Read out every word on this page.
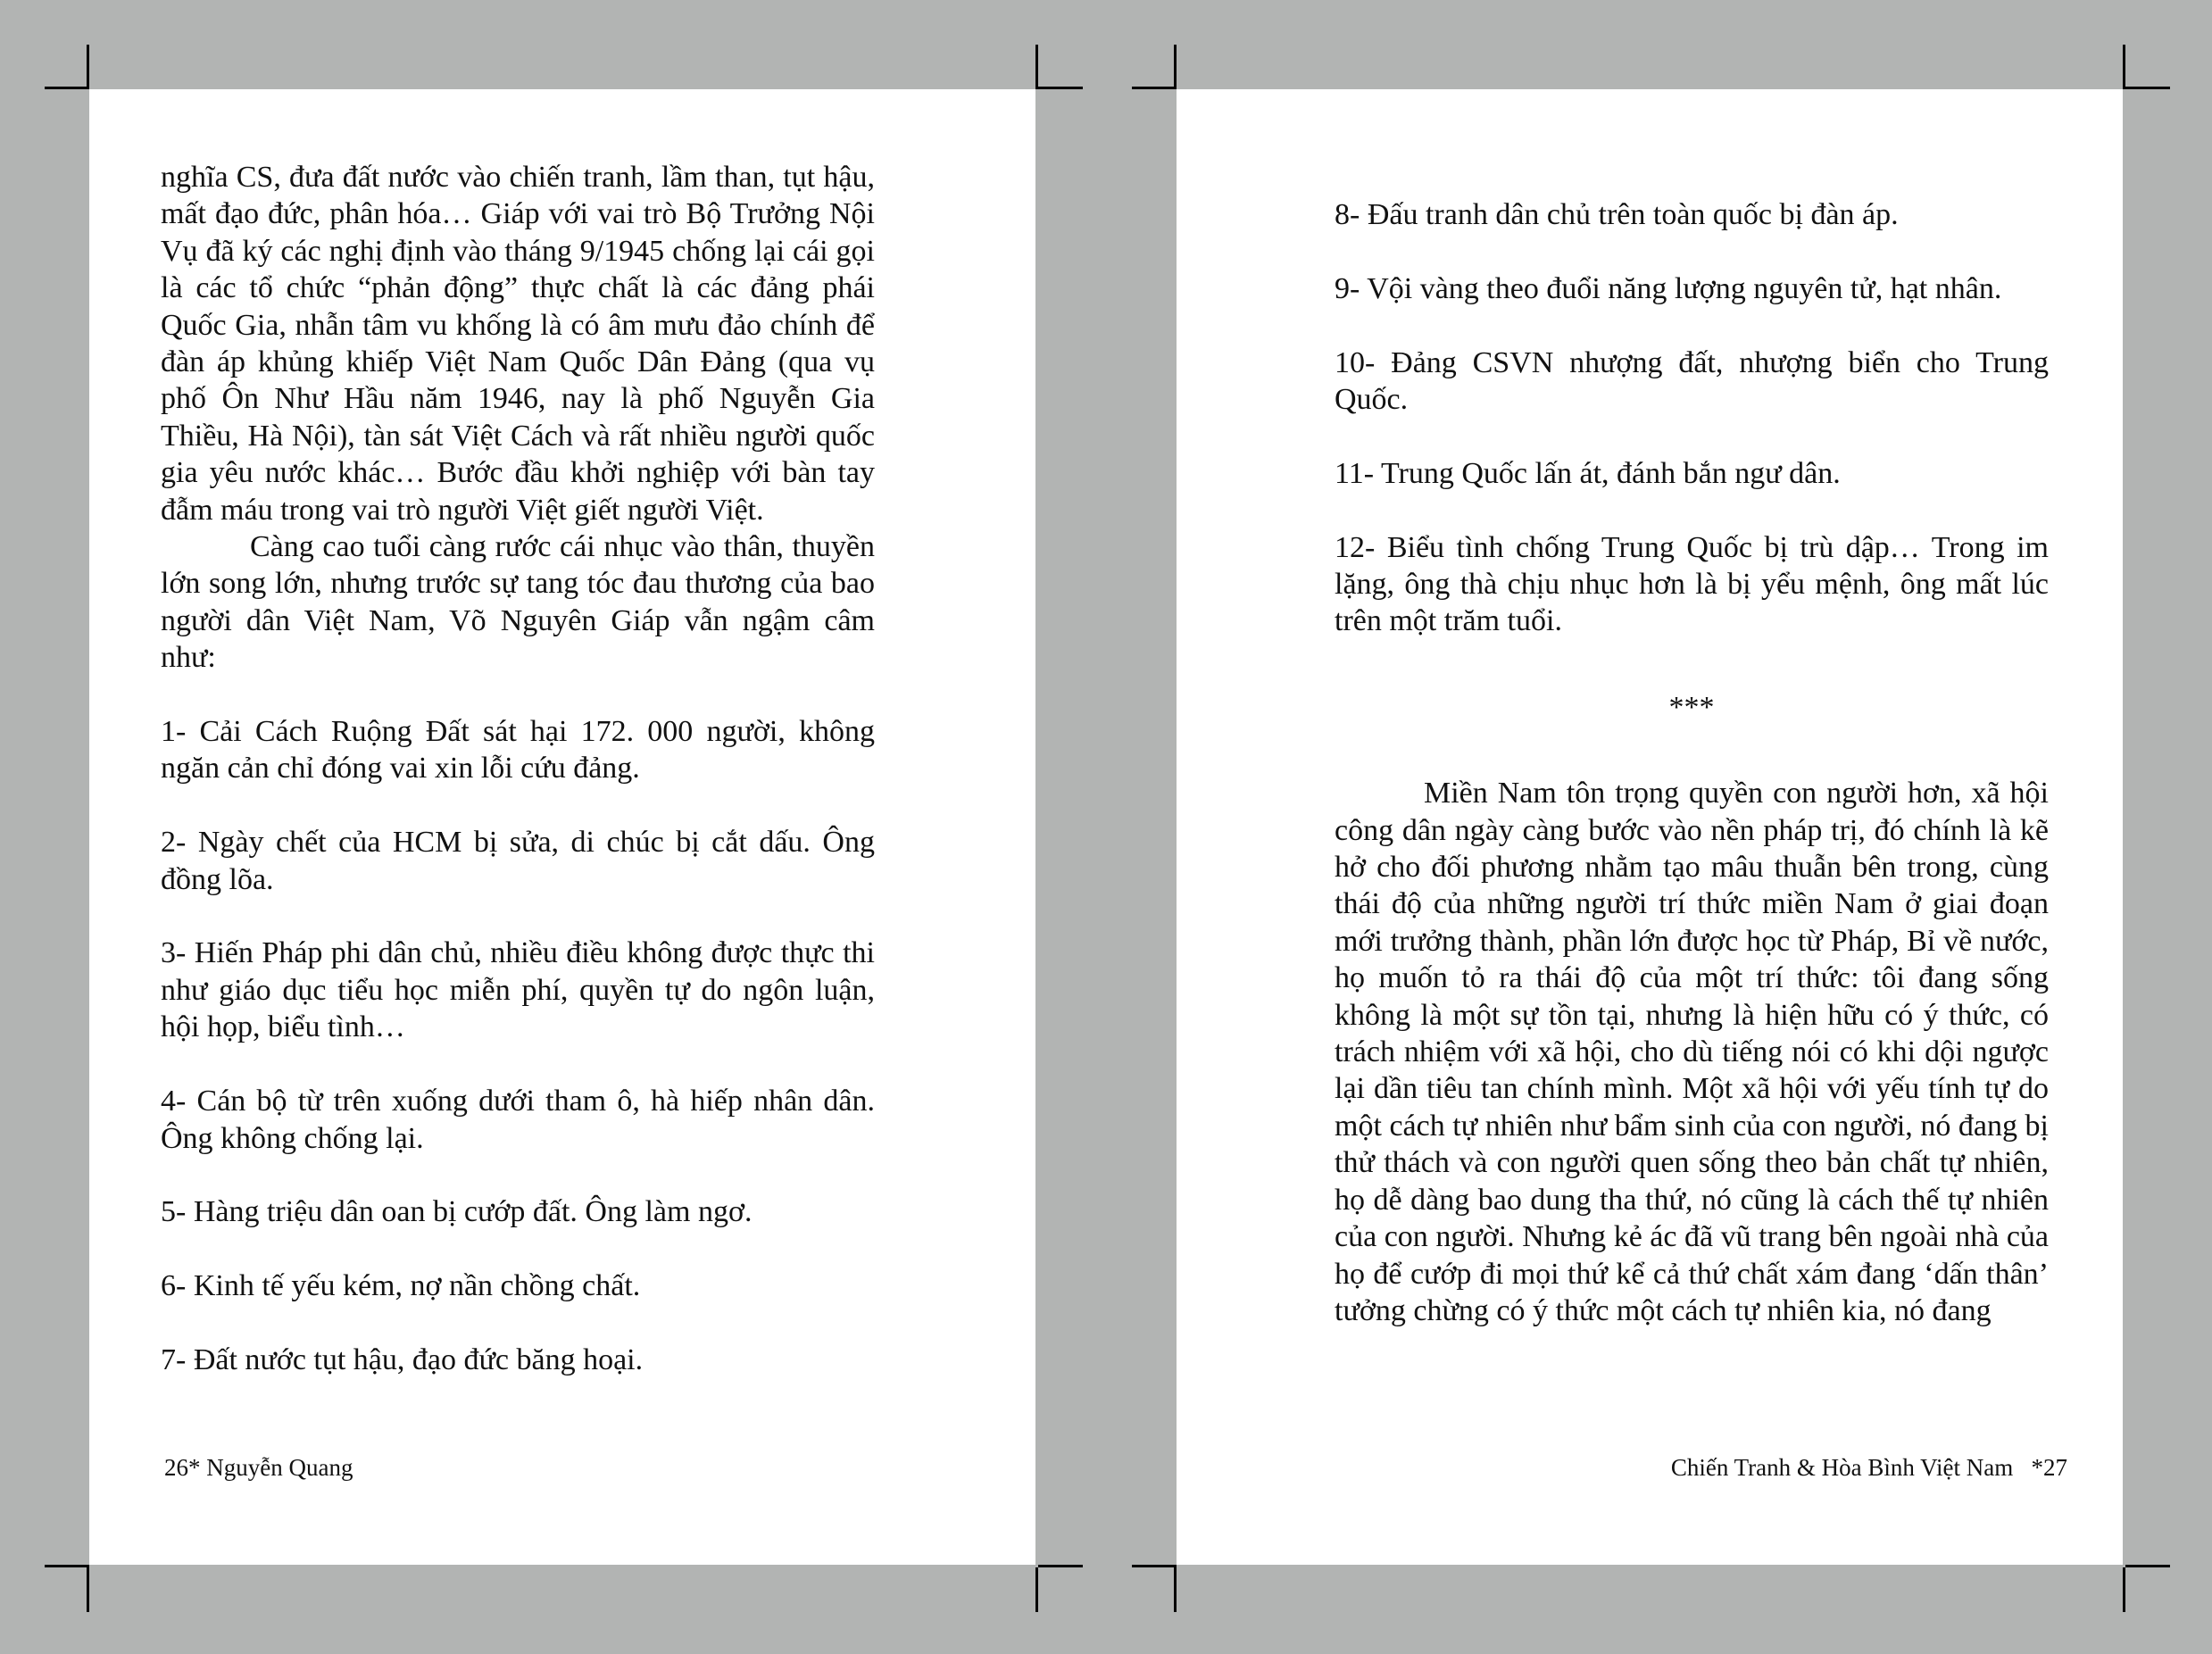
nghĩa CS, đưa đất nước vào chiến tranh, lầm than, tụt hậu, mất đạo đức, phân hóa… Giáp với vai trò Bộ Trưởng Nội Vụ đã ký các nghị định vào tháng 9/1945 chống lại cái gọi là các tổ chức “phản động” thực chất là các đảng phái Quốc Gia, nhẫn tâm vu khống là có âm mưu đảo chính để đàn áp khủng khiếp Việt Nam Quốc Dân Đảng (qua vụ phố Ôn Như Hầu năm 1946, nay là phố Nguyễn Gia Thiều, Hà Nội), tàn sát Việt Cách và rất nhiều người quốc gia yêu nước khác… Bước đầu khởi nghiệp với bàn tay đẫm máu trong vai trò người Việt giết người Việt.

Càng cao tuổi càng rước cái nhục vào thân, thuyền lớn song lớn, nhưng trước sự tang tóc đau thương của bao người dân Việt Nam, Võ Nguyên Giáp vẫn ngậm câm như:

1- Cải Cách Ruộng Đất sát hại 172. 000 người, không ngăn cản chỉ đóng vai xin lỗi cứu đảng.

2- Ngày chết của HCM bị sửa, di chúc bị cắt dấu. Ông đồng lõa.

3- Hiến Pháp phi dân chủ, nhiều điều không được thực thi như giáo dục tiểu học miễn phí, quyền tự do ngôn luận, hội họp, biểu tình…

4- Cán bộ từ trên xuống dưới tham ô, hà hiếp nhân dân. Ông không chống lại.

5- Hàng triệu dân oan bị cướp đất. Ông làm ngơ.

6- Kinh tế yếu kém, nợ nần chồng chất.

7- Đất nước tụt hậu, đạo đức băng hoại.

26* Nguyễn Quang

8- Đấu tranh dân chủ trên toàn quốc bị đàn áp.

9- Vội vàng theo đuổi năng lượng nguyên tử, hạt nhân.

10- Đảng CSVN nhượng đất, nhượng biển cho Trung Quốc.

11- Trung Quốc lấn át, đánh bắn ngư dân.

12- Biểu tình chống Trung Quốc bị trù dập… Trong im lặng, ông thà chịu nhục hơn là bị yểu mệnh, ông mất lúc trên một trăm tuổi.

***

Miền Nam tôn trọng quyền con người hơn, xã hội công dân ngày càng bước vào nền pháp trị, đó chính là kẽ hở cho đối phương nhằm tạo mâu thuẫn bên trong, cùng thái độ của những người trí thức miền Nam ở giai đoạn mới trưởng thành, phần lớn được học từ Pháp, Bỉ về nước, họ muốn tỏ ra thái độ của một trí thức: tôi đang sống không là một sự tồn tại, nhưng là hiện hữu có ý thức, có trách nhiệm với xã hội, cho dù tiếng nói có khi dội ngược lại dần tiêu tan chính mình. Một xã hội với yếu tính tự do một cách tự nhiên như bẩm sinh của con người, nó đang bị thử thách và con người quen sống theo bản chất tự nhiên, họ dễ dàng bao dung tha thứ, nó cũng là cách thế tự nhiên của con người. Nhưng kẻ ác đã vũ trang bên ngoài nhà của họ để cướp đi mọi thứ kể cả thứ chất xám đang ‘dấn thân’ tưởng chừng có ý thức một cách tự nhiên kia, nó đang

Chiến Tranh & Hòa Bình Việt Nam   *27
